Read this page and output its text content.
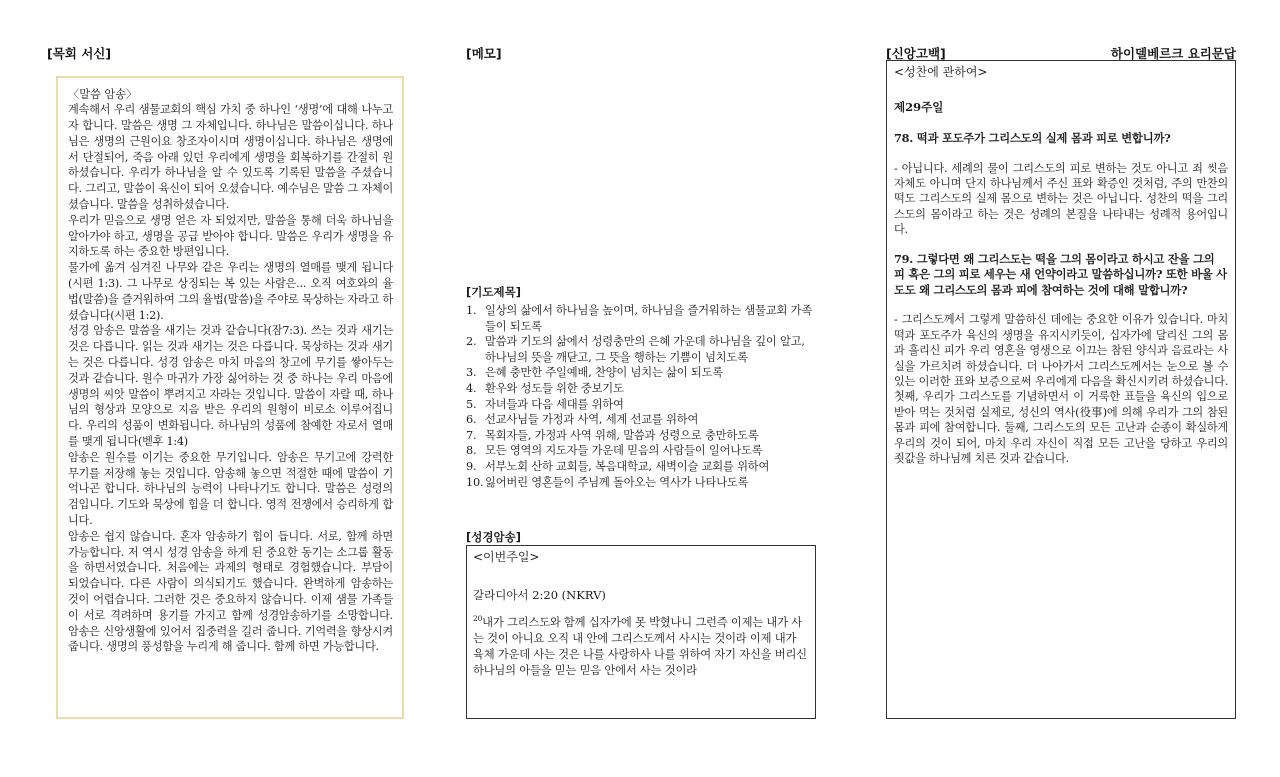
[목회 서신]	[메모]	[신앙고백]	하이델베르크 요리문답
〈말씀 암송〉

계속해서 우리 샘물교회의 핵심 가치 중 하나인 ‘생명’에 대해 나누고자 합니다. 말씀은 생명 그 자체입니다. 하나님은 말씀이십니다. 하나님은 생명의 근원이요 창조자이시며 생명이십니다. 하나님은 생명에서 단절되어, 죽음 아래 있던 우리에게 생명을 회복하기를 간절히 원하셨습니다. 우리가 하나님을 알 수 있도록 기록된 말씀을 주셨습니다. 그리고, 말씀이 육신이 되어 오셨습니다. 예수님은 말씀 그 자체이셨습니다. 말씀을 성취하셨습니다.

우리가 믿음으로 생명 얻은 자 되었지만, 말씀을 통해 더욱 하나님을 알아가야 하고, 생명을 공급 받아야 합니다. 말씀은 우리가 생명을 유지하도록 하는 중요한 방편입니다.

물가에 옮겨 심겨진 나무와 같은 우리는 생명의 열매를 맺게 됩니다(시편 1:3). 그 나무로 상징되는 복 있는 사람은... 오직 여호와의 율법(말씀)을 즐거워하여 그의 율법(말씀)을 주야로 묵상하는 자라고 하셨습니다(시편 1:2).

성경 암송은 말씀을 새기는 것과 같습니다(잠7:3). 쓰는 것과 새기는 것은 다릅니다. 읽는 것과 새기는 것은 다릅니다. 묵상하는 것과 새기는 것은 다릅니다. 성경 암송은 마치 마음의 창고에 무기를 쌓아두는 것과 같습니다. 원수 마귀가 가장 싫어하는 것 중 하나는 우리 마음에 생명의 씨앗 말씀이 뿌려지고 자라는 것입니다. 말씀이 자랄 때, 하나님의 형상과 모양으로 지음 받은 우리의 원형이 비로소 이루어집니다. 우리의 성품이 변화됩니다. 하나님의 성품에 참예한 자로서 열매를 맺게 됩니다(벧후 1:4)

암송은 원수를 이기는 중요한 무기입니다. 암송은 무기고에 강력한 무기를 저장해 놓는 것입니다. 암송해 놓으면 적절한 때에 말씀이 기억나곤 합니다. 하나님의 능력이 나타나기도 합니다. 말씀은 성령의 검입니다. 기도와 묵상에 힘을 더 합니다. 영적 전쟁에서 승리하게 합니다.

암송은 쉽지 않습니다. 혼자 암송하기 힘이 듭니다. 서로, 함께 하면 가능합니다. 저 역시 성경 암송을 하게 된 중요한 동기는 소그룹 활동을 하면서였습니다. 처음에는 과제의 형태로 경험했습니다. 부담이 되었습니다. 다른 사람이 의식되기도 했습니다. 완벽하게 암송하는 것이 어렵습니다. 그러한 것은 중요하지 않습니다. 이제 샘물 가족들이 서로 격려하며 용기를 가지고 함께 성경암송하기를 소망합니다. 암송은 신앙생활에 있어서 집중력을 길러 줍니다. 기억력을 향상시켜 줍니다. 생명의 풍성함을 누리게 해 줍니다. 함께 하면 가능합니다.

[기도제목]
1. 일상의 삶에서 하나님을 높이며, 하나님을 즐거워하는 샘물교회 가족들이 되도록
2. 말씀과 기도의 삶에서 성령충만의 은혜 가운데 하나님을 깊이 알고, 하나님의 뜻을 깨닫고, 그 뜻을 행하는 기쁨이 넘치도록
3. 은혜 충만한 주일예배, 찬양이 넘치는 삶이 되도록
4. 환우와 성도들 위한 중보기도
5. 자녀들과 다음 세대를 위하여
6. 선교사님들 가정과 사역, 세계 선교를 위하여
7. 목회자들, 가정과 사역 위해, 말씀과 성령으로 충만하도록
8. 모든 영역의 지도자들 가운데 믿음의 사람들이 일어나도록
9. 서부노회 산하 교회들, 복음대학교, 새벽이슬 교회를 위하여
10. 잃어버린 영혼들이 주님께 돌아오는 역사가 나타나도록
[성경암송]
<이번주일>
갈라디아서 2:20 (NKRV)
$^{20}$내가 그리스도와 함께 십자가에 못 박혔나니 그런즉 이제는 내가 사는 것이 아니요 오직 내 안에 그리스도께서 사시는 것이라 이제 내가 육체 가운데 사는 것은 나를 사랑하사 나를 위하여 자기 자신을 버리신 하나님의 아들을 믿는 믿음 안에서 사는 것이라
<성찬에 관하여>
제29주일
78. 떡과 포도주가 그리스도의 실제 몸과 피로 변합니까?
- 아닙니다. 세례의 물이 그리스도의 피로 변하는 것도 아니고 죄 씻음 자체도 아니며 단지 하나님께서 주신 표와 확증인 것처럼, 주의 만찬의 떡도 그리스도의 실제 몸으로 변하는 것은 아닙니다. 성찬의 떡을 그리스도의 몸이라고 하는 것은 성례의 본질을 나타내는 성례적 용어입니다.
79. 그렇다면 왜 그리스도는 떡을 그의 몸이라고 하시고 잔을 그의 피 혹은 그의 피로 세우는 새 언약이라고 말씀하십니까? 또한 바울 사도도 왜 그리스도의 몸과 피에 참여하는 것에 대해 말합니까?
- 그리스도께서 그렇게 말씀하신 데에는 중요한 이유가 있습니다. 마치 떡과 포도주가 육신의 생명을 유지시키듯이, 십자가에 달리신 그의 몸과 흘리신 피가 우리 영혼을 영생으로 이끄는 참된 양식과 음료라는 사실을 가르치려 하셨습니다. 더 나아가서 그리스도께서는 눈으로 볼 수 있는 이러한 표와 보증으로써 우리에게 다음을 확신시키려 하셨습니다. 첫째, 우리가 그리스도를 기념하면서 이 거룩한 표들을 육신의 입으로 받아 먹는 것처럼 실제로, 성신의 역사(役事)에 의해 우리가 그의 참된 몸과 피에 참여합니다. 둘째, 그리스도의 모든 고난과 순종이 확실하게 우리의 것이 되어, 마치 우리 자신이 직접 모든 고난을 당하고 우리의 죗값을 하나님께 치른 것과 같습니다.
